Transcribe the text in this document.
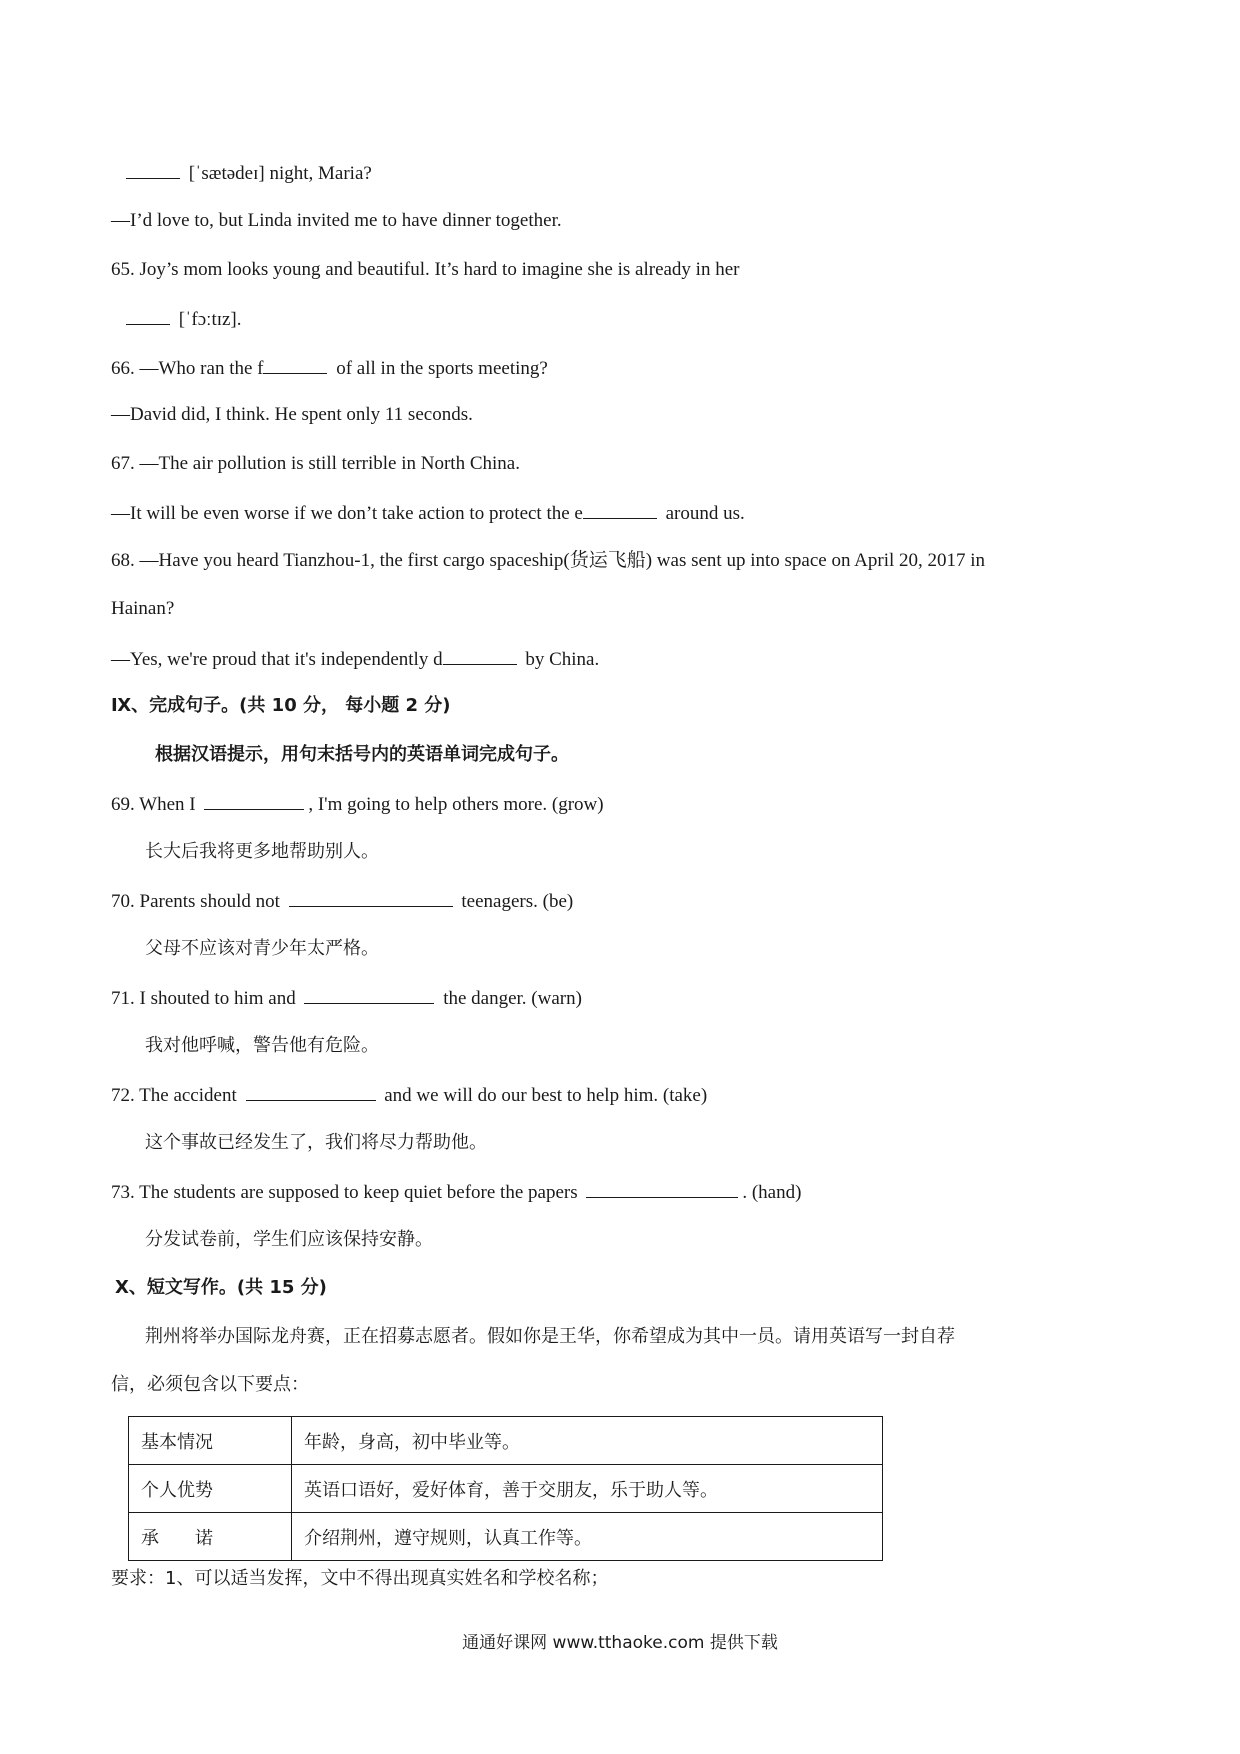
[ˈsætədeɪ] night, Maria?
—I’d love to, but Linda invited me to have dinner together.
65. Joy’s mom looks young and beautiful. It’s hard to imagine she is already in her
[ˈfɔːtɪz].
66. —Who ran the f	of all in the sports meeting?
—David did, I think. He spent only 11 seconds.
67. —The air pollution is still terrible in North China.
—It will be even worse if we don’t take action to protect the e	around us.
68. —Have you heard Tianzhou-1, the first cargo spaceship(货运飞船) was sent up into space on April 20, 2017 in
Hainan?
—Yes, we're proud that it's independently d	by China.
Ⅸ、完成句子。(共 10 分， 每小题 2 分)
根据汉语提示，用句末括号内的英语单词完成句子。
69. When I	, I'm going to help others more. (grow)
长大后我将更多地帮助别人。
70. Parents should not	teenagers. (be)
父母不应该对青少年太严格。
71. I shouted to him and	the danger. (warn)
我对他呼喊，警告他有危险。
72. The accident	and we will do our best to help him. (take)
这个事故已经发生了，我们将尽力帮助他。
73. The students are supposed to keep quiet before the papers	. (hand)
分发试卷前，学生们应该保持安静。
Ⅹ、短文写作。(共 15 分)
荆州将举办国际龙舟赛，正在招募志愿者。假如你是王华，你希望成为其中一员。请用英语写一封自荐
信，必须包含以下要点：
基本情况	年龄，身高，初中毕业等。
个人优势	英语口语好，爱好体育，善于交朋友，乐于助人等。
承　　诺	介绍荆州，遵守规则，认真工作等。
要求：1、可以适当发挥，文中不得出现真实姓名和学校名称；
通通好课网 www.tthaoke.com 提供下载
